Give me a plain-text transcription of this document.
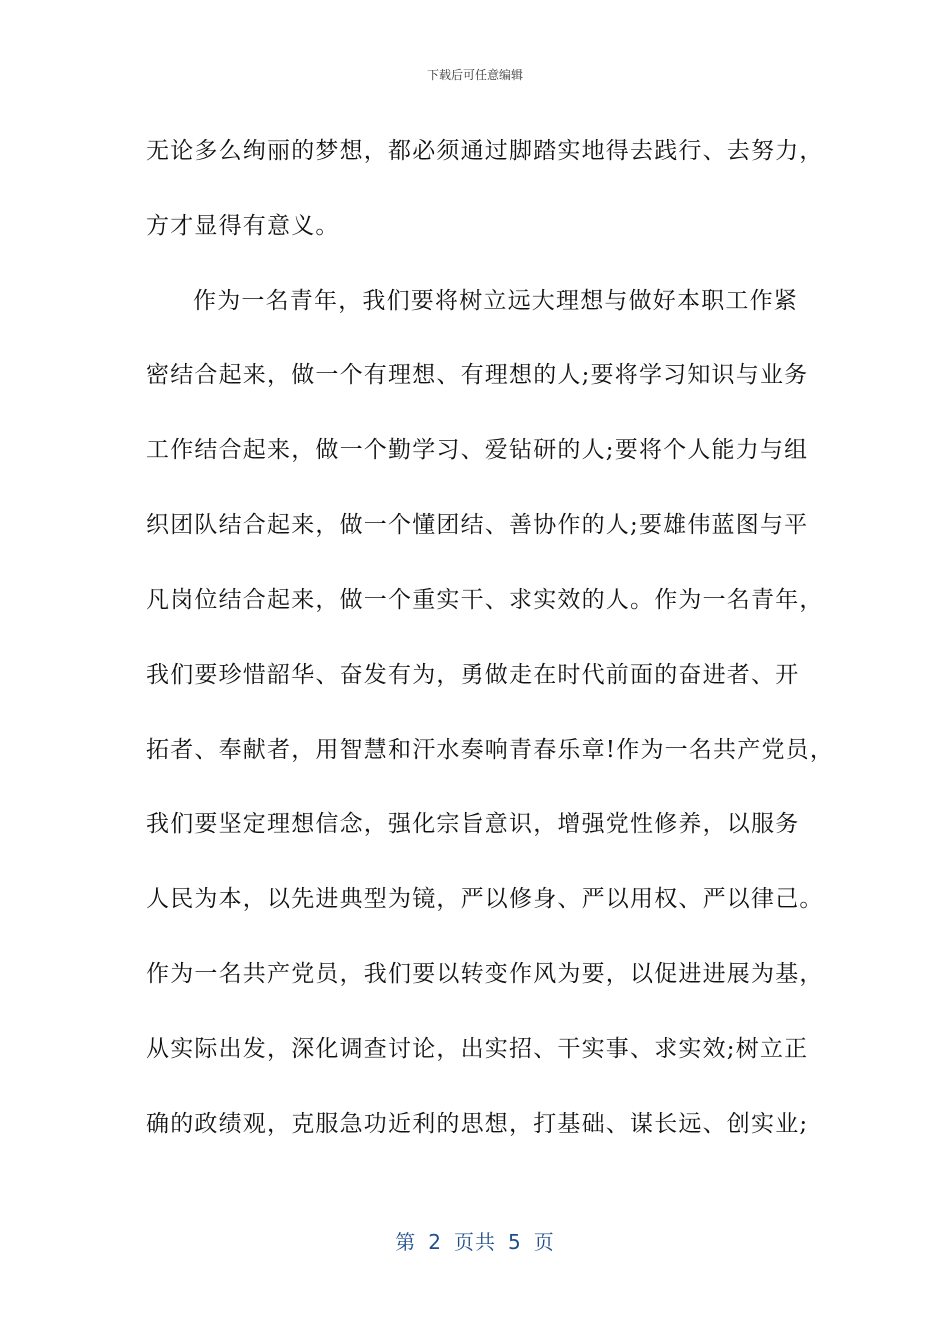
下载后可任意编辑
无论多么绚丽的梦想，都必须通过脚踏实地得去践行、去努力，
方才显得有意义。
作为一名青年，我们要将树立远大理想与做好本职工作紧
密结合起来，做一个有理想、有理想的人;要将学习知识与业务
工作结合起来，做一个勤学习、爱钻研的人;要将个人能力与组
织团队结合起来，做一个懂团结、善协作的人;要雄伟蓝图与平
凡岗位结合起来，做一个重实干、求实效的人。作为一名青年，
我们要珍惜韶华、奋发有为，勇做走在时代前面的奋进者、开
拓者、奉献者，用智慧和汗水奏响青春乐章!作为一名共产党员，
我们要坚定理想信念，强化宗旨意识，增强党性修养，以服务
人民为本，以先进典型为镜，严以修身、严以用权、严以律己。
作为一名共产党员，我们要以转变作风为要，以促进进展为基，
从实际出发，深化调查讨论，出实招、干实事、求实效;树立正
确的政绩观，克服急功近利的思想，打基础、谋长远、创实业;
第 2 页共 5 页
